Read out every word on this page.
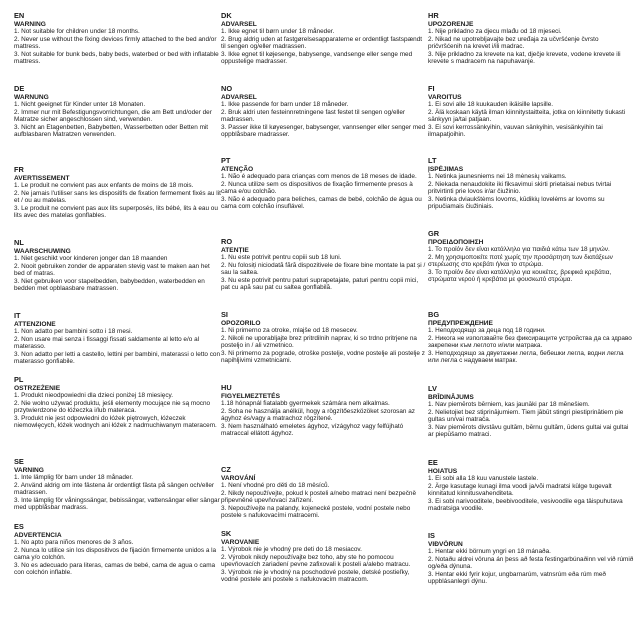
EN
WARNING
1. Not suitable for children under 18 months.
2. Never use without the fixing devices firmly attached to the bed and/or mattress.
3. Not suitable for bunk beds, baby beds, waterbed or bed with inflatable mattress.
DE
WARNUNG
1. Nicht geeignet für Kinder unter 18 Monaten.
2. Immer nur mit Befestigungsvorrichtungen, die am Bett und/oder der Matratze sicher angeschlossen sind, verwenden.
3. Nicht an Etagenbetten, Babybetten, Wasserbetten oder Betten mit aufblasbaren Matratzen verwenden.
FR
AVERTISSEMENT
1. Le produit ne convient pas aux enfants de moins de 18 mois.
2. Ne jamais l'utiliser sans les dispositifs de fixation fermement fixés au lit et / ou au matelas.
3. Le produit ne convient pas aux lits superposés, lits bébé, lits à eau ou lits avec des matelas gonflables.
NL
WAARSCHUWING
1. Niet geschikt voor kinderen jonger dan 18 maanden
2. Nooit gebruiken zonder de apparaten stevig vast te maken aan het bed of matras.
3. Niet gebruiken voor stapelbedden, babybedden, waterbedden en bedden met opblaasbare matrassen.
IT
ATTENZIONE
1. Non adatto per bambini sotto i 18 mesi.
2. Non usare mai senza i fissaggi fissati saldamente al letto e/o al materasso.
3. Non adatto per letti a castello, lettini per bambini, materassi o letto con materasso gonfiabile.
PL
OSTRZEŻENIE
1. Produkt nieodpowiedni dla dzieci poniżej 18 miesięcy.
2. Nie wolno używać produktu, jeśli elementy mocujące nie są mocno przytwierdzone do łóżeczka i/lub materaca.
3. Produkt nie jest odpowiedni do łóżek piętrowych, łóżeczek niemowlęcych, łóżek wodnych ani łóżek z nadmuchiwanym materacem.
SE
VARNING
1. Inte lämplig för barn under 18 månader.
2. Använd aldrig om inte fästena är ordentligt fästa på sängen och/eller madrassen.
3. Inte lämplig för våningssängar, bebissängar, vattensängar eller sängar med uppblåsbar madrass.
ES
ADVERTENCIA
1. No apto para niños menores de 3 años.
2. Nunca lo utilice sin los dispositivos de fijación firmemente unidos a la cama y/o colchón.
3. No es adecuado para literas, camas de bebé, cama de agua o cama con colchón inflable.
DK
ADVARSEL
1. Ikke egnet til børn under 18 måneder.
2. Brug aldrig uden at fastgørelsesapparaterne er ordentligt fastspændt til sengen og/eller madrassen.
3. Ikke egnet til køjesenge, babysenge, vandsenge eller senge med oppustelige madrasser.
NO
ADVARSEL
1. Ikke passende for barn under 18 måneder.
2. Bruk aldri uten festeinnretningene fast festet til sengen og/eller madrassen.
3. Passer ikke til køyesenger, babysenger, vannsenger eller senger med oppblåsbare madrasser.
PT
ATENÇÃO
1. Não é adequado para crianças com menos de 18 meses de idade.
2. Nunca utilize sem os dispositivos de fixação firmemente presos à cama e/ou colchão.
3. Não é adequado para beliches, camas de bebé, colchão de água ou cama com colchão insuflável.
RO
ATENȚIE
1. Nu este potrivit pentru copiii sub 18 luni.
2. Nu folosiți niciodată fără dispozitivele de fixare bine montate la pat și / sau la saltea.
3. Nu este potrivit pentru paturi suprapetajate, paturi pentru copii mici, pat cu apă sau pat cu saltea gonflabilă.
SI
OPOZORILO
1. Ni primerno za otroke, mlajše od 18 mesecev.
2. Nikoli ne uporabljajte brez pritrdilnih naprav, ki so trdno pritrjene na posteljo in / ali vzmetnico.
3. Ni primerno za pograde, otroške postelje, vodne postelje ali postelje z napihljivimi vzmetnicami.
HU
FIGYELMEZTETÉS
1.18 hónapnál fiatalabb gyermekek számára nem alkalmas.
2. Soha ne használja anélkül, hogy a rögzítőeszközöket szorosan az ágyhoz és/vagy a matrachoz rögzítené.
3. Nem használható emeletes ágyhoz, vízágyhoz vagy felfújható matraccal ellátott ágyhoz.
CZ
VAROVÁNÍ
1. Není vhodné pro děti do 18 měsíců.
2. Nikdy nepoužívejte, pokud k posteli a/nebo matraci není bezpečně připevněné upevňovací zařízení.
3. Nepoužívejte na palandy, kojenecké postele, vodní postele nebo postele s nafukovacími matracemi.
SK
VAROVANIE
1. Výrobok nie je vhodný pre deti do 18 mesiacov.
2. Výrobok nikdy nepoužívajte bez toho, aby ste ho pomocou upevňovacích zariadení pevne zafixovali k posteli a/alebo matracu.
3. Výrobok nie je vhodný na poschodové postele, detské postieľky, vodné postele ani postele s nafukovacím matracom.
HR
UPOZORENJE
1. Nije prikladno za djecu mlađu od 18 mjeseci.
2. Nikad ne upotrebljavajte bez uređaja za učvršćenje čvrsto pričvršćenih na krevet i/ili madrac.
3. Nije prikladno za krevete na kat, dječje krevete, vodene krevete ili krevete s madracem na napuhavanje.
FI
VAROITUS
1. Ei sovi alle 18 kuukauden ikäisille lapsille.
2. Älä koskaan käytä ilman kiinnitystaitteita, jotka on kiinnitetty tiukasti sänkyyn ja/tai patjaan.
3. Ei sovi kerrossänkyihin, vauvan sänkyihin, vesisänkyihin tai ilmapatjoihin.
LT
ĮSPĖJIMAS
1. Netinka jaunesniems nei 18 mėnesių vaikams.
2. Niekada nenaudokite iki fiksavimui skirti prietaisai nebus tvirtai pritvirtinti prie lovos ir/ar čiužinio.
3. Netinka dviaukštėms lovoms, kūdikių lovelėms ar lovoms su pripučiamais čiužiniais.
GR
ΠΡΟΕΙΔΟΠΟΙΗΣΗ
1. Το προϊόν δεν είναι κατάλληλο για παιδιά κάτω των 18 μηνών.
2. Μη χρησιμοποιείτε ποτέ χωρίς την προσάρτηση των διατάξεων στερέωσης στο κρεβάτι ή/και το στρώμα.
3. Το προϊόν δεν είναι κατάλληλο για κουκέτες, βρεφικά κρεβάτια, στρώματα νερού ή κρεβάτια με φουσκωτό στρώμα.
BG
ПРЕДУПРЕЖДЕНИЕ
1. Неподходящо за деца под 18 години.
2. Никога не използвайте без фиксиращите устройства да са здраво закрепени към леглото и/или матрака.
3. Неподходящо за двуетажни легла, бебешки легла, водни легла или легла с надуваем матрак.
LV
BRĪDINĀJUMS
1. Nav piemērots bērniem, kas jaunāki par 18 mēnešiem.
2. Nelietojiet bez stiprinājumiem. Tiem jābūt stingri piestiprinātiem pie gultas un/vai matrača.
3. Nav piemērots divstāvu gultām, bērnu gultām, ūdens gultai vai gultai ar piepūšamo matraci.
EE
HOIATUS
1. Ei sobi alla 18 kuu vanustele lastele.
2. Ärge kasutage kunagi ilma voodi ja/või madratsi külge tugevalt kinnitatud kinnitusvahenditeta.
3. Ei sobi narivooditele, beebivooditele, vesivoodile ega täispuhutava madratsiga voodile.
IS
VIÐVÖRUN
1. Hentar ekki börnum yngri en 18 mánaða.
2. Notaðu aldrei vöruna án þess að festa festingarbúnaðinn vel við rúmið og/eða dýnuna.
3. Hentar ekki fyrir kojur, ungbarnarúm, vatnsrúm eða rúm með uppblásanlegri dýnu.
